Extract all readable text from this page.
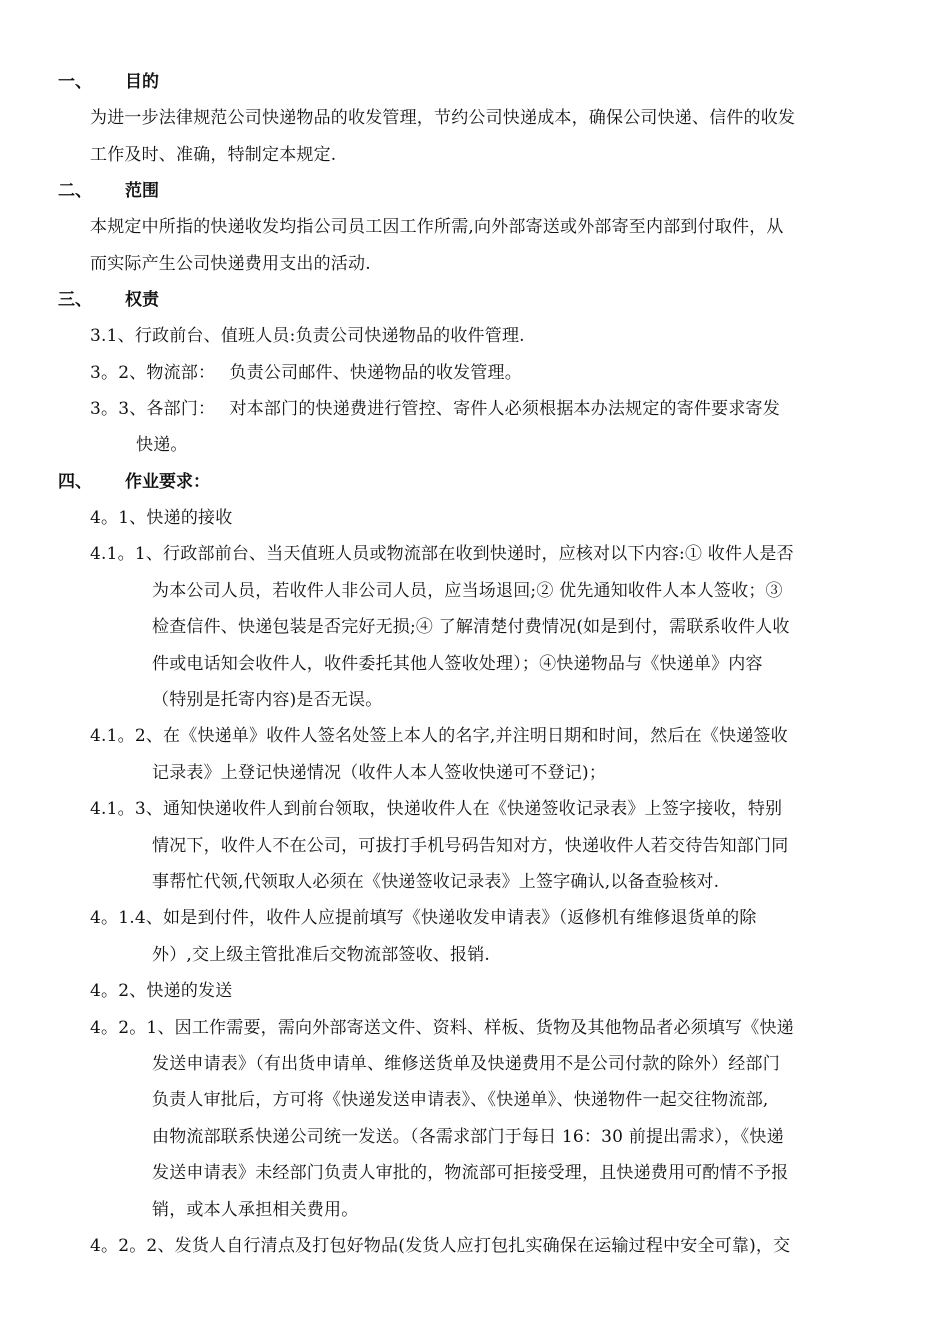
一、 目的
为进一步法律规范公司快递物品的收发管理，节约公司快递成本，确保公司快递、信件的收发
工作及时、准确，特制定本规定.
二、 范围
本规定中所指的快递收发均指公司员工因工作所需,向外部寄送或外部寄至内部到付取件，从
而实际产生公司快递费用支出的活动.
三、 权责
3.1、行政前台、值班人员:负责公司快递物品的收件管理.
3。2、物流部：　 负责公司邮件、快递物品的收发管理。
3。3、各部门：　 对本部门的快递费进行管控、寄件人必须根据本办法规定的寄件要求寄发
快递。
四、 作业要求：
4。1、快递的接收
4.1。1、行政部前台、当天值班人员或物流部在收到快递时，应核对以下内容:① 收件人是否
为本公司人员，若收件人非公司人员，应当场退回;② 优先通知收件人本人签收；③
检查信件、快递包装是否完好无损;④ 了解清楚付费情况(如是到付，需联系收件人收
件或电话知会收件人，收件委托其他人签收处理）；④快递物品与《快递单》内容
（特别是托寄内容)是否无误。
4.1。2、在《快递单》收件人签名处签上本人的名字,并注明日期和时间，然后在《快递签收
记录表》上登记快递情况（收件人本人签收快递可不登记)；
4.1。3、通知快递收件人到前台领取，快递收件人在《快递签收记录表》上签字接收，特别
情况下，收件人不在公司，可拔打手机号码告知对方，快递收件人若交待告知部门同
事帮忙代领,代领取人必须在《快递签收记录表》上签字确认,以备查验核对.
4。1.4、如是到付件，收件人应提前填写《快递收发申请表》（返修机有维修退货单的除
外）,交上级主管批准后交物流部签收、报销.
4。2、快递的发送
4。2。1、因工作需要，需向外部寄送文件、资料、样板、货物及其他物品者必须填写《快递
发送申请表》（有出货申请单、维修送货单及快递费用不是公司付款的除外）经部门
负责人审批后，方可将《快递发送申请表》、《快递单》、快递物件一起交往物流部,
由物流部联系快递公司统一发送。（各需求部门于每日 16：30 前提出需求），《快递
发送申请表》未经部门负责人审批的，物流部可拒接受理，且快递费用可酌情不予报
销，或本人承担相关费用。
4。2。2、发货人自行清点及打包好物品(发货人应打包扎实确保在运输过程中安全可靠)，交
